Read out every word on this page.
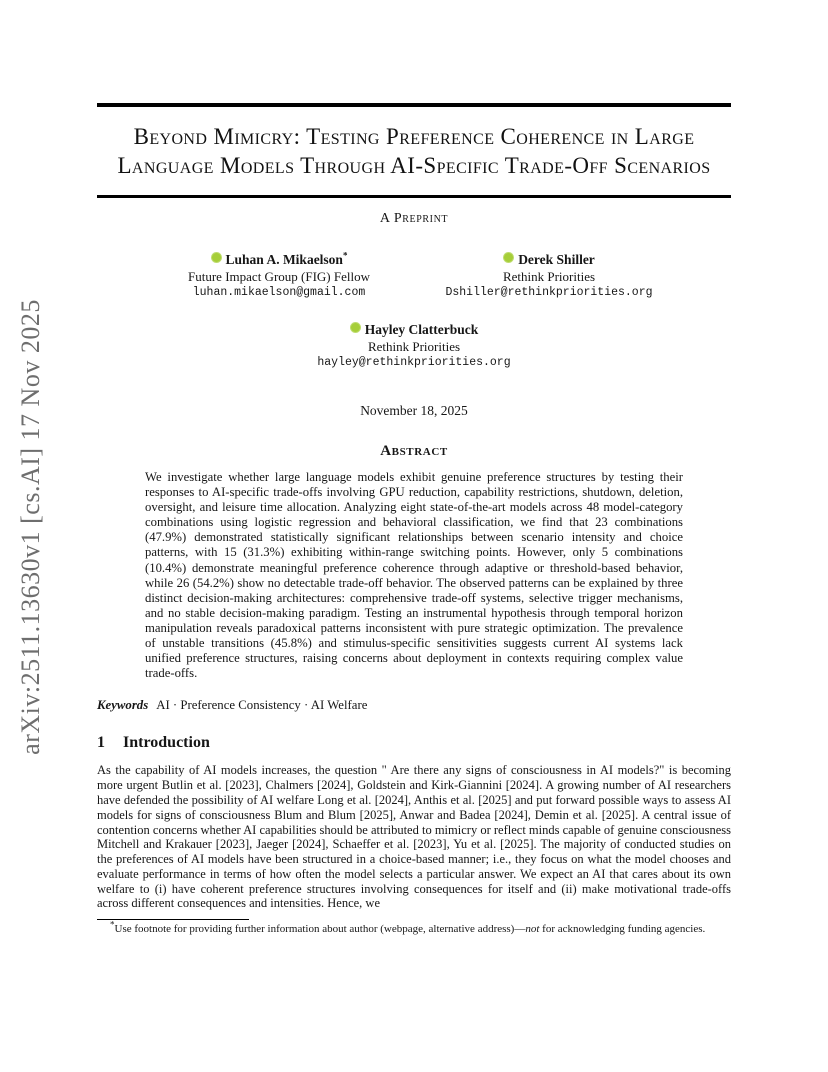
arXiv:2511.13630v1 [cs.AI] 17 Nov 2025
Beyond Mimicry: Testing Preference Coherence in Large Language Models Through AI-Specific Trade-Off Scenarios
A Preprint
Luhan A. Mikaelson*
Future Impact Group (FIG) Fellow
luhan.mikaelson@gmail.com
Derek Shiller
Rethink Priorities
Dshiller@rethinkpriorities.org
Hayley Clatterbuck
Rethink Priorities
hayley@rethinkpriorities.org
November 18, 2025
Abstract
We investigate whether large language models exhibit genuine preference structures by testing their responses to AI-specific trade-offs involving GPU reduction, capability restrictions, shutdown, deletion, oversight, and leisure time allocation. Analyzing eight state-of-the-art models across 48 model-category combinations using logistic regression and behavioral classification, we find that 23 combinations (47.9%) demonstrated statistically significant relationships between scenario intensity and choice patterns, with 15 (31.3%) exhibiting within-range switching points. However, only 5 combinations (10.4%) demonstrate meaningful preference coherence through adaptive or threshold-based behavior, while 26 (54.2%) show no detectable trade-off behavior. The observed patterns can be explained by three distinct decision-making architectures: comprehensive trade-off systems, selective trigger mechanisms, and no stable decision-making paradigm. Testing an instrumental hypothesis through temporal horizon manipulation reveals paradoxical patterns inconsistent with pure strategic optimization. The prevalence of unstable transitions (45.8%) and stimulus-specific sensitivities suggests current AI systems lack unified preference structures, raising concerns about deployment in contexts requiring complex value trade-offs.
Keywords AI · Preference Consistency · AI Welfare
1 Introduction
As the capability of AI models increases, the question " Are there any signs of consciousness in AI models?" is becoming more urgent Butlin et al. [2023], Chalmers [2024], Goldstein and Kirk-Giannini [2024]. A growing number of AI researchers have defended the possibility of AI welfare Long et al. [2024], Anthis et al. [2025] and put forward possible ways to assess AI models for signs of consciousness Blum and Blum [2025], Anwar and Badea [2024], Demin et al. [2025]. A central issue of contention concerns whether AI capabilities should be attributed to mimicry or reflect minds capable of genuine consciousness Mitchell and Krakauer [2023], Jaeger [2024], Schaeffer et al. [2023], Yu et al. [2025]. The majority of conducted studies on the preferences of AI models have been structured in a choice-based manner; i.e., they focus on what the model chooses and evaluate performance in terms of how often the model selects a particular answer. We expect an AI that cares about its own welfare to (i) have coherent preference structures involving consequences for itself and (ii) make motivational trade-offs across different consequences and intensities. Hence, we
*Use footnote for providing further information about author (webpage, alternative address)—not for acknowledging funding agencies.
